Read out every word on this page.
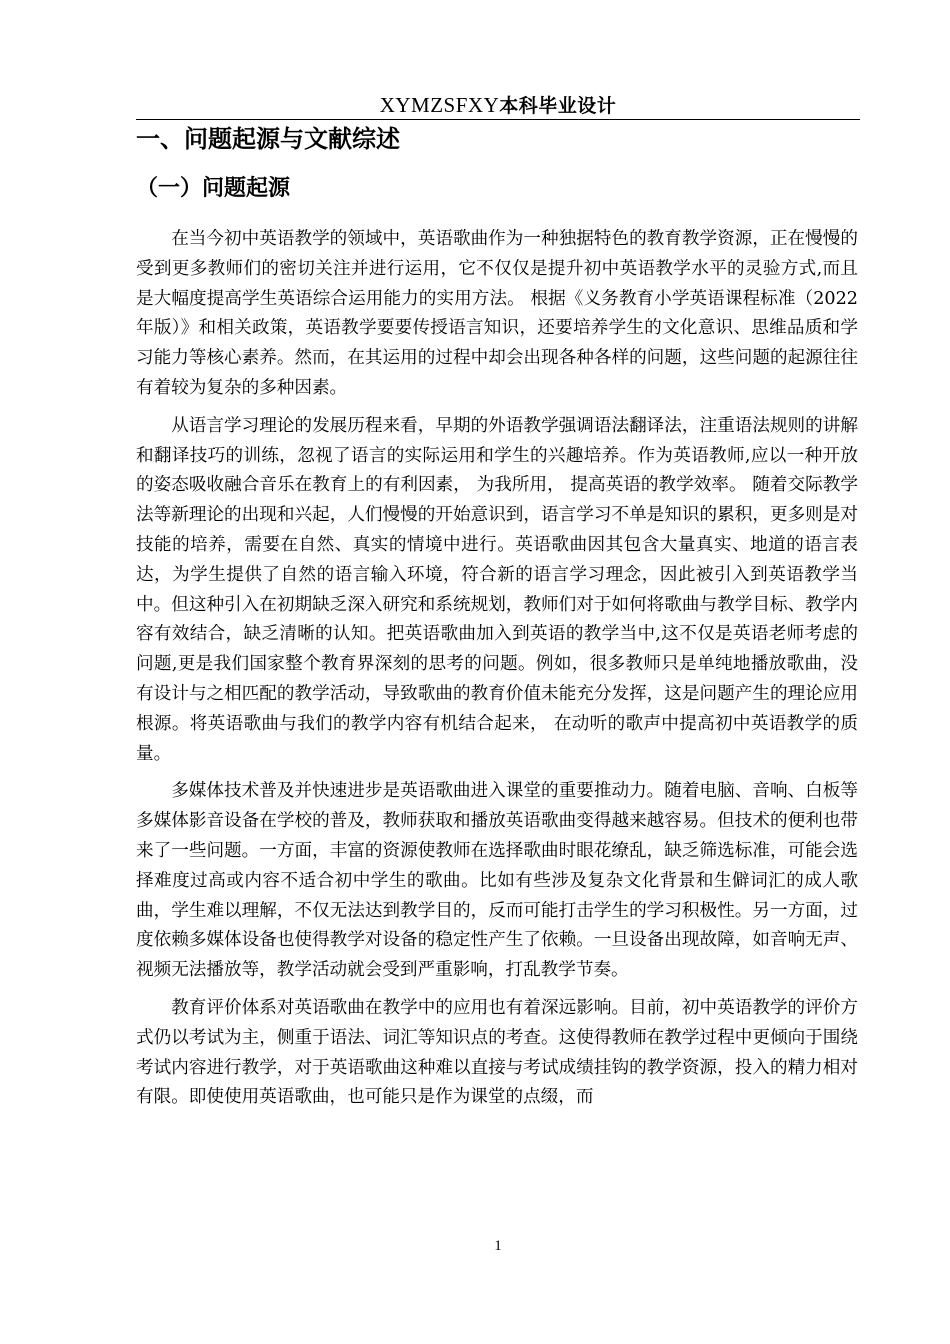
XYMZSFXY本科毕业设计
一、问题起源与文献综述
（一）问题起源

在当今初中英语教学的领域中，英语歌曲作为一种独据特色的教育教学资源，正在慢慢的受到更多教师们的密切关注并进行运用，它不仅仅是提升初中英语教学水平的灵验方式,而且是大幅度提高学生英语综合运用能力的实用方法。 根据《义务教育小学英语课程标准（2022年版）》和相关政策，英语教学要要传授语言知识，还要培养学生的文化意识、思维品质和学习能力等核心素养。然而，在其运用的过程中却会出现各种各样的问题，这些问题的起源往往有着较为复杂的多种因素。

从语言学习理论的发展历程来看，早期的外语教学强调语法翻译法，注重语法规则的讲解和翻译技巧的训练，忽视了语言的实际运用和学生的兴趣培养。作为英语教师,应以一种开放的姿态吸收融合音乐在教育上的有利因素， 为我所用， 提高英语的教学效率。 随着交际教学法等新理论的出现和兴起，人们慢慢的开始意识到，语言学习不单是知识的累积，更多则是对技能的培养，需要在自然、真实的情境中进行。英语歌曲因其包含大量真实、地道的语言表达，为学生提供了自然的语言输入环境，符合新的语言学习理念，因此被引入到英语教学当中。但这种引入在初期缺乏深入研究和系统规划，教师们对于如何将歌曲与教学目标、教学内容有效结合，缺乏清晰的认知。把英语歌曲加入到英语的教学当中,这不仅是英语老师考虑的问题,更是我们国家整个教育界深刻的思考的问题。例如，很多教师只是单纯地播放歌曲，没有设计与之相匹配的教学活动，导致歌曲的教育价值未能充分发挥，这是问题产生的理论应用根源。将英语歌曲与我们的教学内容有机结合起来， 在动听的歌声中提高初中英语教学的质量。

多媒体技术普及并快速进步是英语歌曲进入课堂的重要推动力。随着电脑、音响、白板等多媒体影音设备在学校的普及，教师获取和播放英语歌曲变得越来越容易。但技术的便利也带来了一些问题。一方面，丰富的资源使教师在选择歌曲时眼花缭乱，缺乏筛选标准，可能会选择难度过高或内容不适合初中学生的歌曲。比如有些涉及复杂文化背景和生僻词汇的成人歌曲，学生难以理解，不仅无法达到教学目的，反而可能打击学生的学习积极性。另一方面，过度依赖多媒体设备也使得教学对设备的稳定性产生了依赖。一旦设备出现故障，如音响无声、视频无法播放等，教学活动就会受到严重影响，打乱教学节奏。

教育评价体系对英语歌曲在教学中的应用也有着深远影响。目前，初中英语教学的评价方式仍以考试为主，侧重于语法、词汇等知识点的考查。这使得教师在教学过程中更倾向于围绕考试内容进行教学，对于英语歌曲这种难以直接与考试成绩挂钩的教学资源，投入的精力相对有限。即使使用英语歌曲，也可能只是作为课堂的点缀，而

1
